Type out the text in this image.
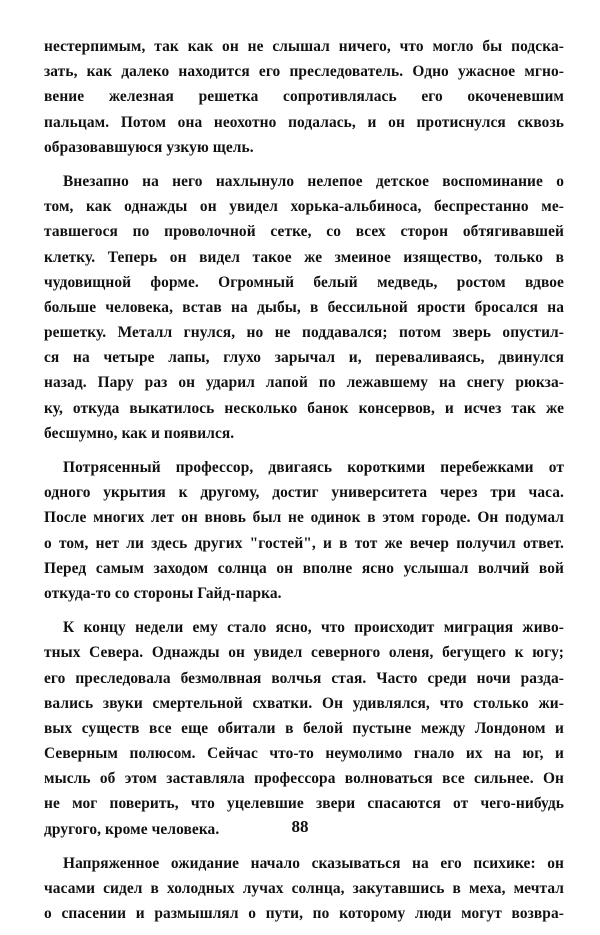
нестерпимым, так как он не слышал ничего, что могло бы подска-
зать, как далеко находится его преследователь. Одно ужасное мгно-
вение железная решетка сопротивлялась его окоченевшим
пальцам. Потом она неохотно подалась, и он протиснулся сквозь
образовавшуюся узкую щель.
Внезапно на него нахлынуло нелепое детское воспоминание о
том, как однажды он увидел хорька-альбиноса, беспрестанно ме-
тавшегося по проволочной сетке, со всех сторон обтягивавшей
клетку. Теперь он видел такое же змеиное изящество, только в
чудовищной форме. Огромный белый медведь, ростом вдвое
больше человека, встав на дыбы, в бессильной ярости бросался на
решетку. Металл гнулся, но не поддавался; потом зверь опустил-
ся на четыре лапы, глухо зарычал и, переваливаясь, двинулся
назад. Пару раз он ударил лапой по лежавшему на снегу рюкза-
ку, откуда выкатилось несколько банок консервов, и исчез так же
бесшумно, как и появился.
Потрясенный профессор, двигаясь короткими перебежками от
одного укрытия к другому, достиг университета через три часа.
После многих лет он вновь был не одинок в этом городе. Он подумал
о том, нет ли здесь других "гостей", и в тот же вечер получил ответ.
Перед самым заходом солнца он вполне ясно услышал волчий вой
откуда-то со стороны Гайд-парка.
К концу недели ему стало ясно, что происходит миграция живо-
тных Севера. Однажды он увидел северного оленя, бегущего к югу;
его преследовала безмолвная волчья стая. Часто среди ночи разда-
вались звуки смертельной схватки. Он удивлялся, что столько жи-
вых существ все еще обитали в белой пустыне между Лондоном и
Северным полюсом. Сейчас что-то неумолимо гнало их на юг, и
мысль об этом заставляла профессора волноваться все сильнее. Он
не мог поверить, что уцелевшие звери спасаются от чего-нибудь
другого, кроме человека.
Напряженное ожидание начало сказываться на его психике: он
часами сидел в холодных лучах солнца, закутавшись в меха, мечтал
о спасении и размышлял о пути, по которому люди могут возвра-
88
